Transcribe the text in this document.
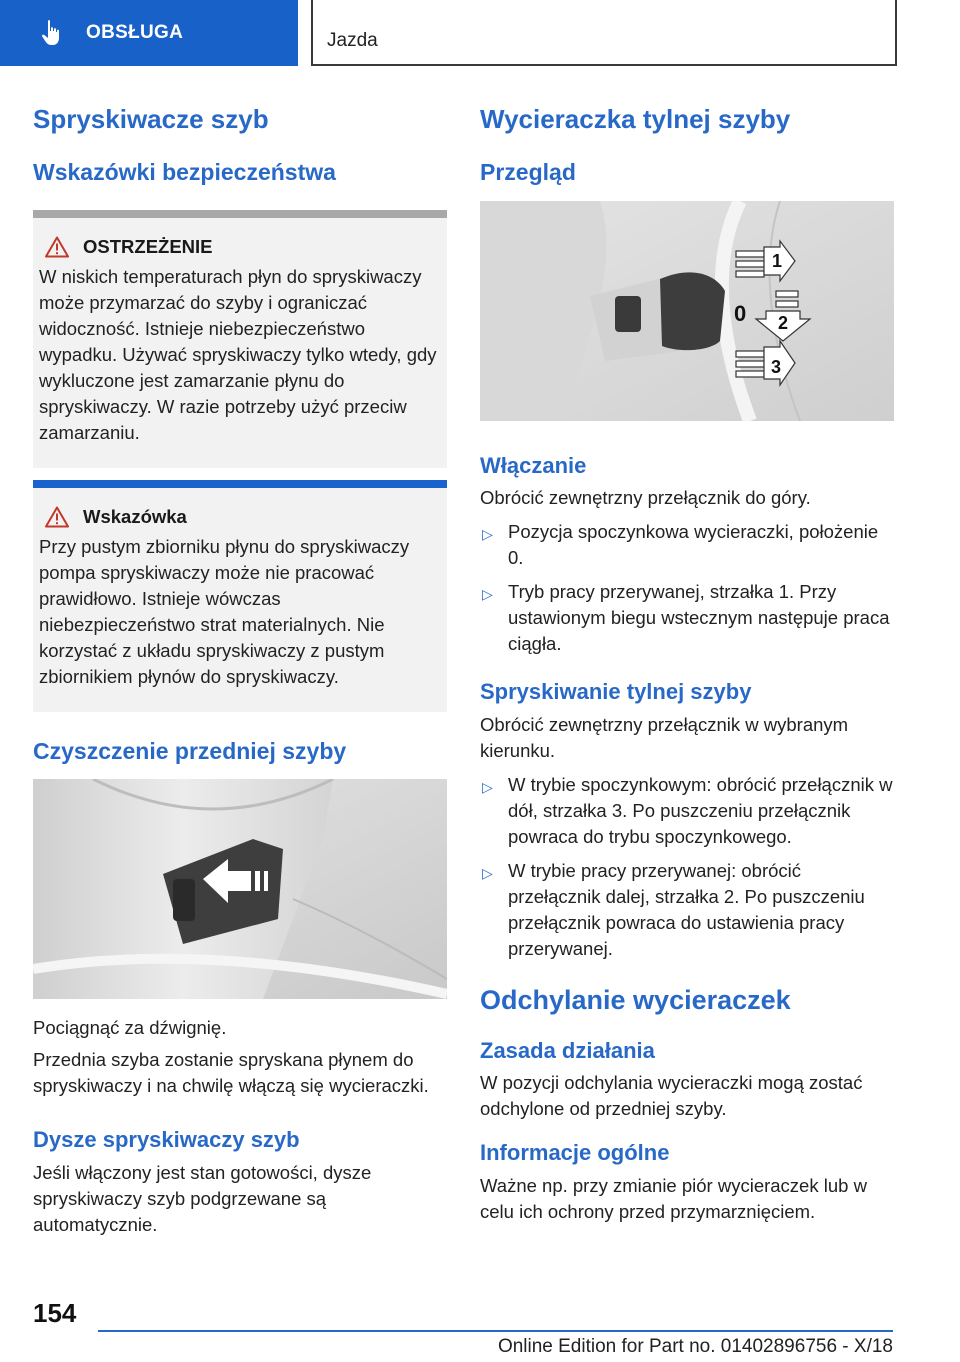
OBSŁUGA	Jazda
Spryskiwacze szyb
Wskazówki bezpieczeństwa
OSTRZEŻENIE

W niskich temperaturach płyn do spryskiwaczy może przymarzać do szyby i ograniczać widoczność. Istnieje niebezpieczeństwo wypadku. Używać spryskiwaczy tylko wtedy, gdy wykluczone jest zamarzanie płynu do spryskiwaczy. W razie potrzeby użyć przeciw zamarzaniu.

Wskazówka

Przy pustym zbiorniku płynu do spryskiwaczy pompa spryskiwaczy może nie pracować prawidłowo. Istnieje wówczas niebezpieczeństwo strat materialnych. Nie korzystać z układu spryskiwaczy z pustym zbiornikiem płynów do spryskiwaczy.

Czyszczenie przedniej szyby

Pociągnąć za dźwignię.

Przednia szyba zostanie spryskana płynem do spryskiwaczy i na chwilę włączą się wycieraczki.

Dysze spryskiwaczy szyb

Jeśli włączony jest stan gotowości, dysze spryskiwaczy szyb podgrzewane są automatycznie.

Wycieraczka tylnej szyby
Przegląd
1
0 2
3
Włączanie

Obrócić zewnętrzny przełącznik do góry.

▷ Pozycja spoczynkowa wycieraczki, położenie 0.
▷ Tryb pracy przerywanej, strzałka 1. Przy ustawionym biegu wstecznym następuje praca ciągła.
Spryskiwanie tylnej szyby

Obrócić zewnętrzny przełącznik w wybranym kierunku.

▷ W trybie spoczynkowym: obrócić przełącznik w dół, strzałka 3. Po puszczeniu przełącznik powraca do trybu spoczynkowego.
▷ W trybie pracy przerywanej: obrócić przełącznik dalej, strzałka 2. Po puszczeniu przełącznik powraca do ustawienia pracy przerywanej.
Odchylanie wycieraczek
Zasada działania

W pozycji odchylania wycieraczki mogą zostać odchylone od przedniej szyby.

Informacje ogólne

Ważne np. przy zmianie piór wycieraczek lub w celu ich ochrony przed przymarznięciem.

154
Online Edition for Part no. 01402896756 - X/18
